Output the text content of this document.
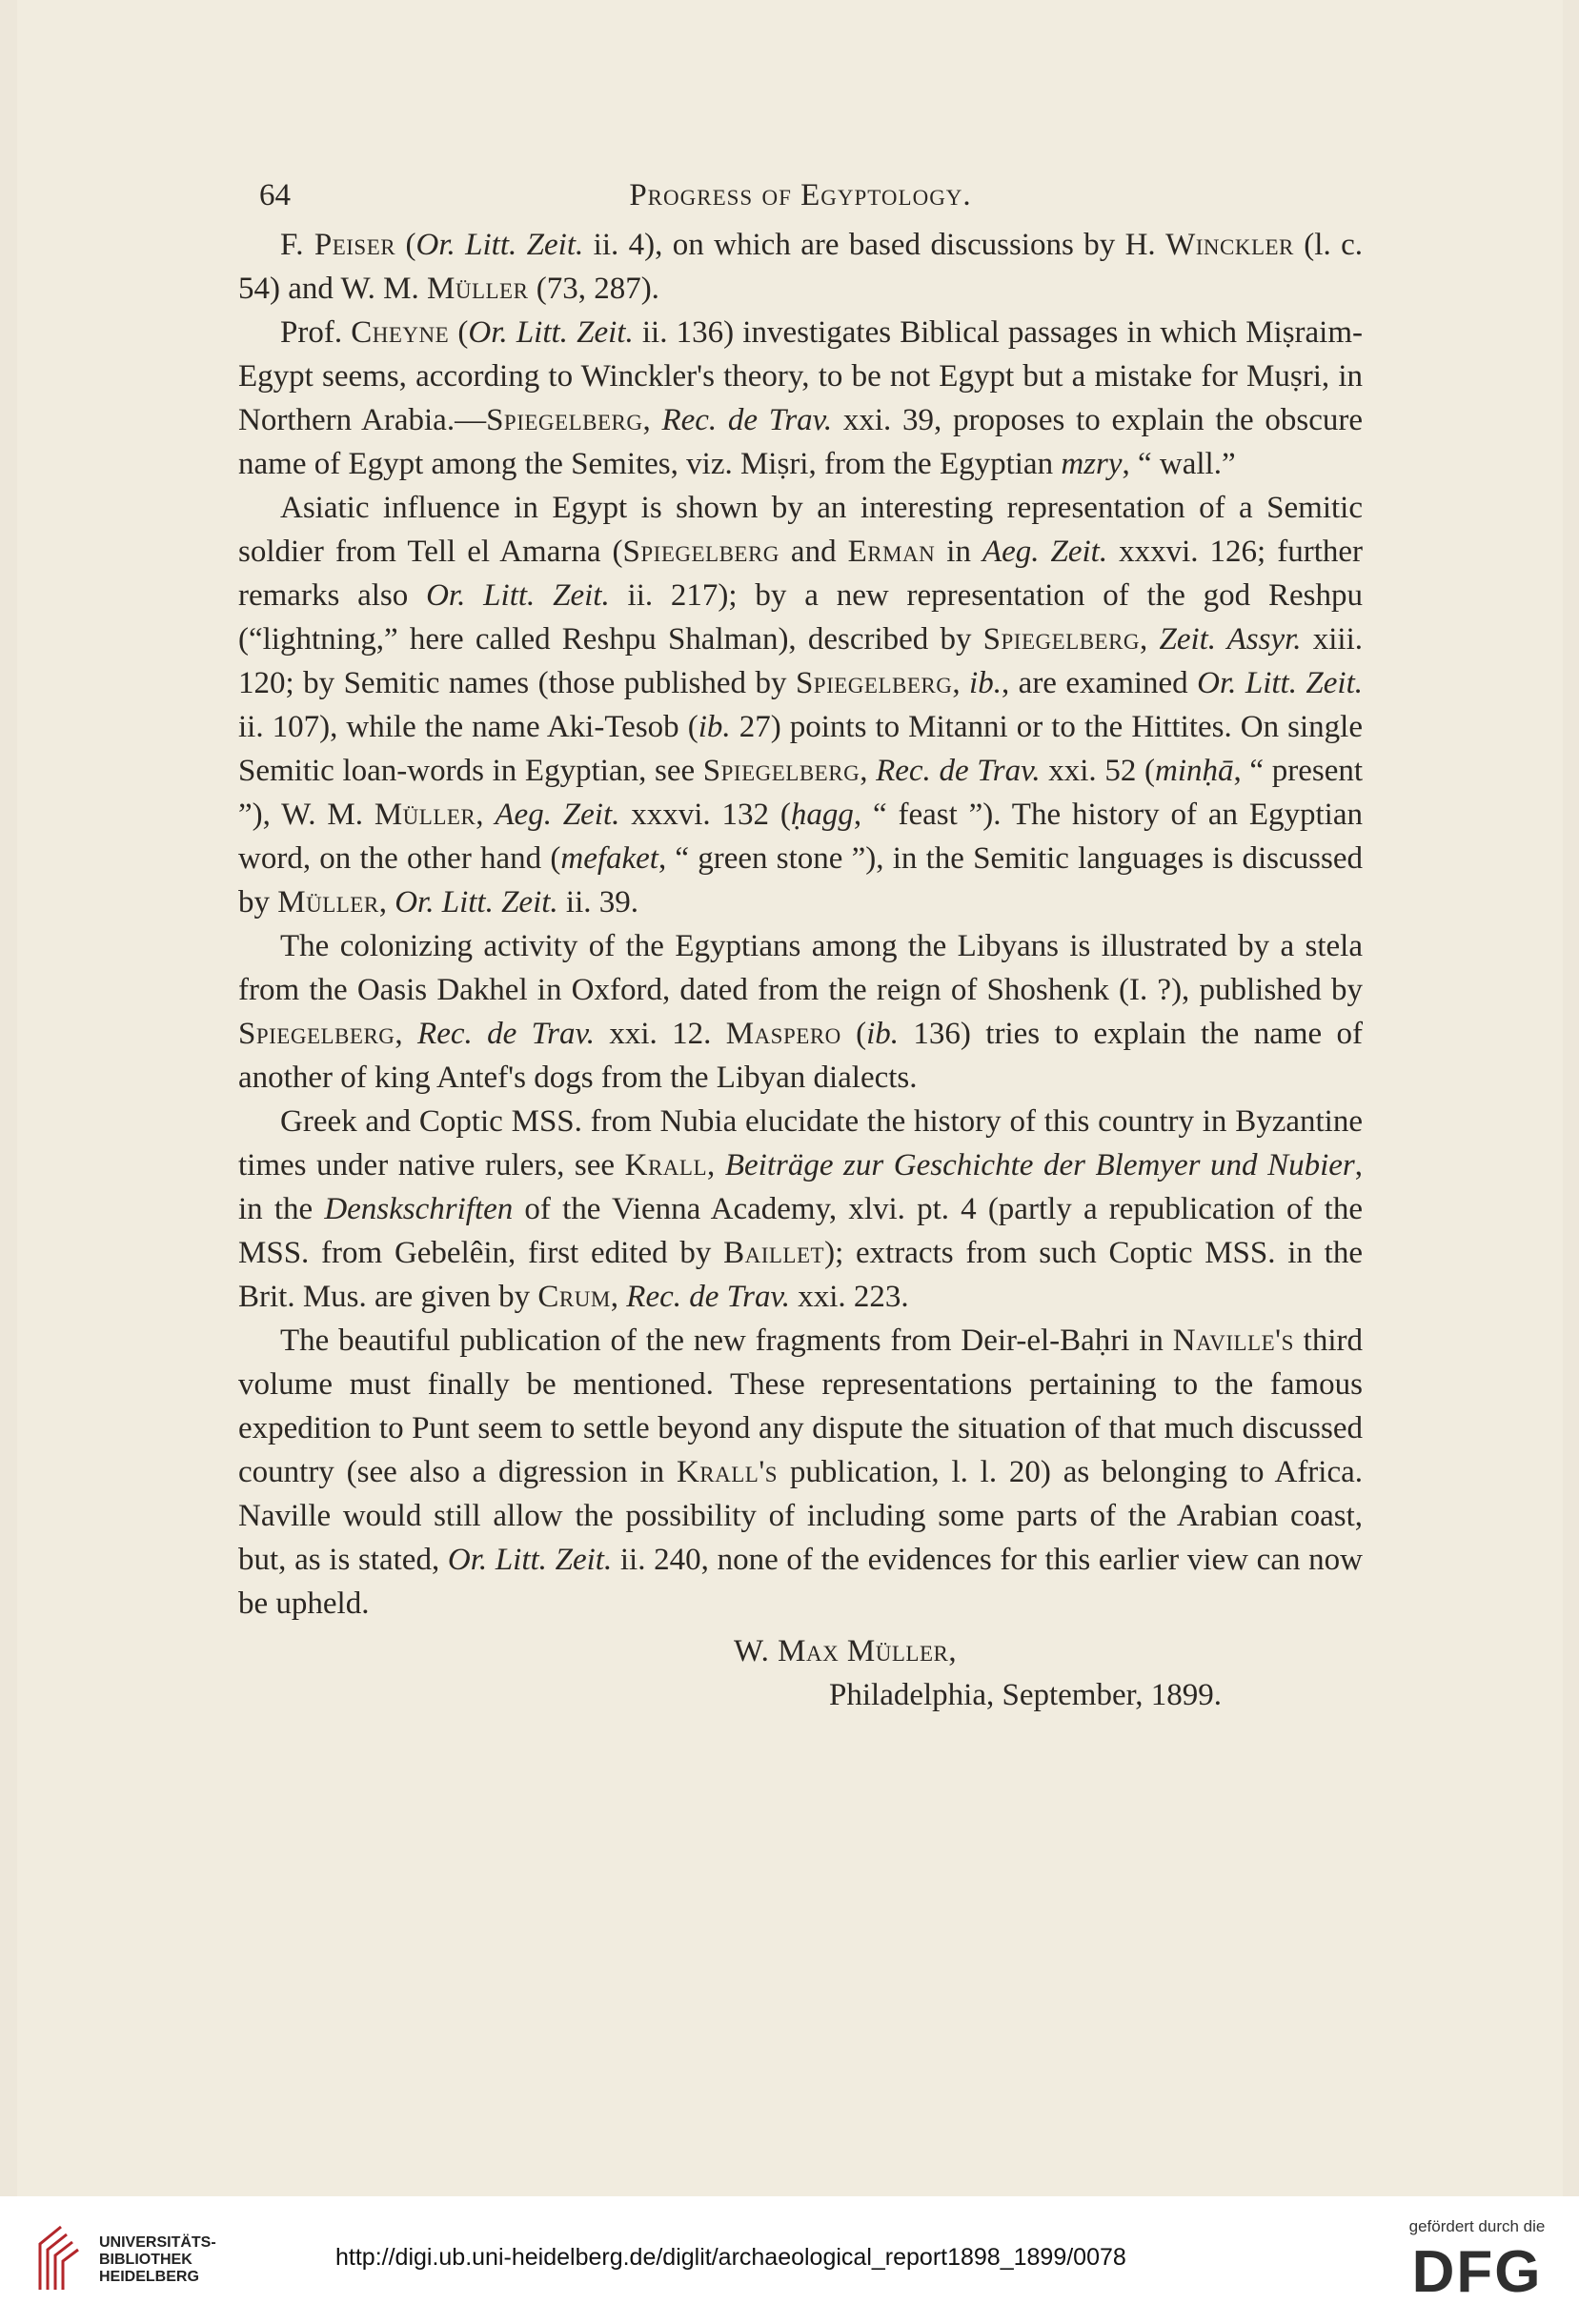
64	Progress of Egyptology.

F. Peiser (Or. Litt. Zeit. ii. 4), on which are based discussions by H. Winckler (l. c. 54) and W. M. Müller (73, 287).

Prof. Cheyne (Or. Litt. Zeit. ii. 136) investigates Biblical passages in which Miṣraim-Egypt seems, according to Winckler's theory, to be not Egypt but a mistake for Muṣri, in Northern Arabia.—Spiegelberg, Rec. de Trav. xxi. 39, proposes to explain the obscure name of Egypt among the Semites, viz. Miṣri, from the Egyptian mzry, “ wall.”

Asiatic influence in Egypt is shown by an interesting representation of a Semitic soldier from Tell el Amarna (Spiegelberg and Erman in Aeg. Zeit. xxxvi. 126; further remarks also Or. Litt. Zeit. ii. 217); by a new representation of the god Reshpu (“lightning,” here called Reshpu Shalman), described by Spiegelberg, Zeit. Assyr. xiii. 120; by Semitic names (those published by Spiegelberg, ib., are examined Or. Litt. Zeit. ii. 107), while the name Aki-Tesob (ib. 27) points to Mitanni or to the Hittites. On single Semitic loan-words in Egyptian, see Spiegelberg, Rec. de Trav. xxi. 52 (minḥā, “ present ”), W. M. Müller, Aeg. Zeit. xxxvi. 132 (ḥagg, “ feast ”). The history of an Egyptian word, on the other hand (mefaket, “ green stone ”), in the Semitic languages is discussed by Müller, Or. Litt. Zeit. ii. 39.

The colonizing activity of the Egyptians among the Libyans is illustrated by a stela from the Oasis Dakhel in Oxford, dated from the reign of Shoshenk (I. ?), published by Spiegelberg, Rec. de Trav. xxi. 12. Maspero (ib. 136) tries to explain the name of another of king Antef's dogs from the Libyan dialects.

Greek and Coptic MSS. from Nubia elucidate the history of this country in Byzantine times under native rulers, see Krall, Beiträge zur Geschichte der Blemyer und Nubier, in the Denskschriften of the Vienna Academy, xlvi. pt. 4 (partly a republication of the MSS. from Gebelêin, first edited by Baillet); extracts from such Coptic MSS. in the Brit. Mus. are given by Crum, Rec. de Trav. xxi. 223.

The beautiful publication of the new fragments from Deir-el-Baḥri in Naville's third volume must finally be mentioned. These representations pertaining to the famous expedition to Punt seem to settle beyond any dispute the situation of that much discussed country (see also a digression in Krall's publication, l. l. 20) as belonging to Africa. Naville would still allow the possibility of including some parts of the Arabian coast, but, as is stated, Or. Litt. Zeit. ii. 240, none of the evidences for this earlier view can now be upheld.

W. Max Müller,
Philadelphia, September, 1899.
UNIVERSITÄTS-
BIBLIOTHEK
HEIDELBERG
http://digi.ub.uni-heidelberg.de/diglit/archaeological_report1898_1899/0078
gefördert durch die
DFG
